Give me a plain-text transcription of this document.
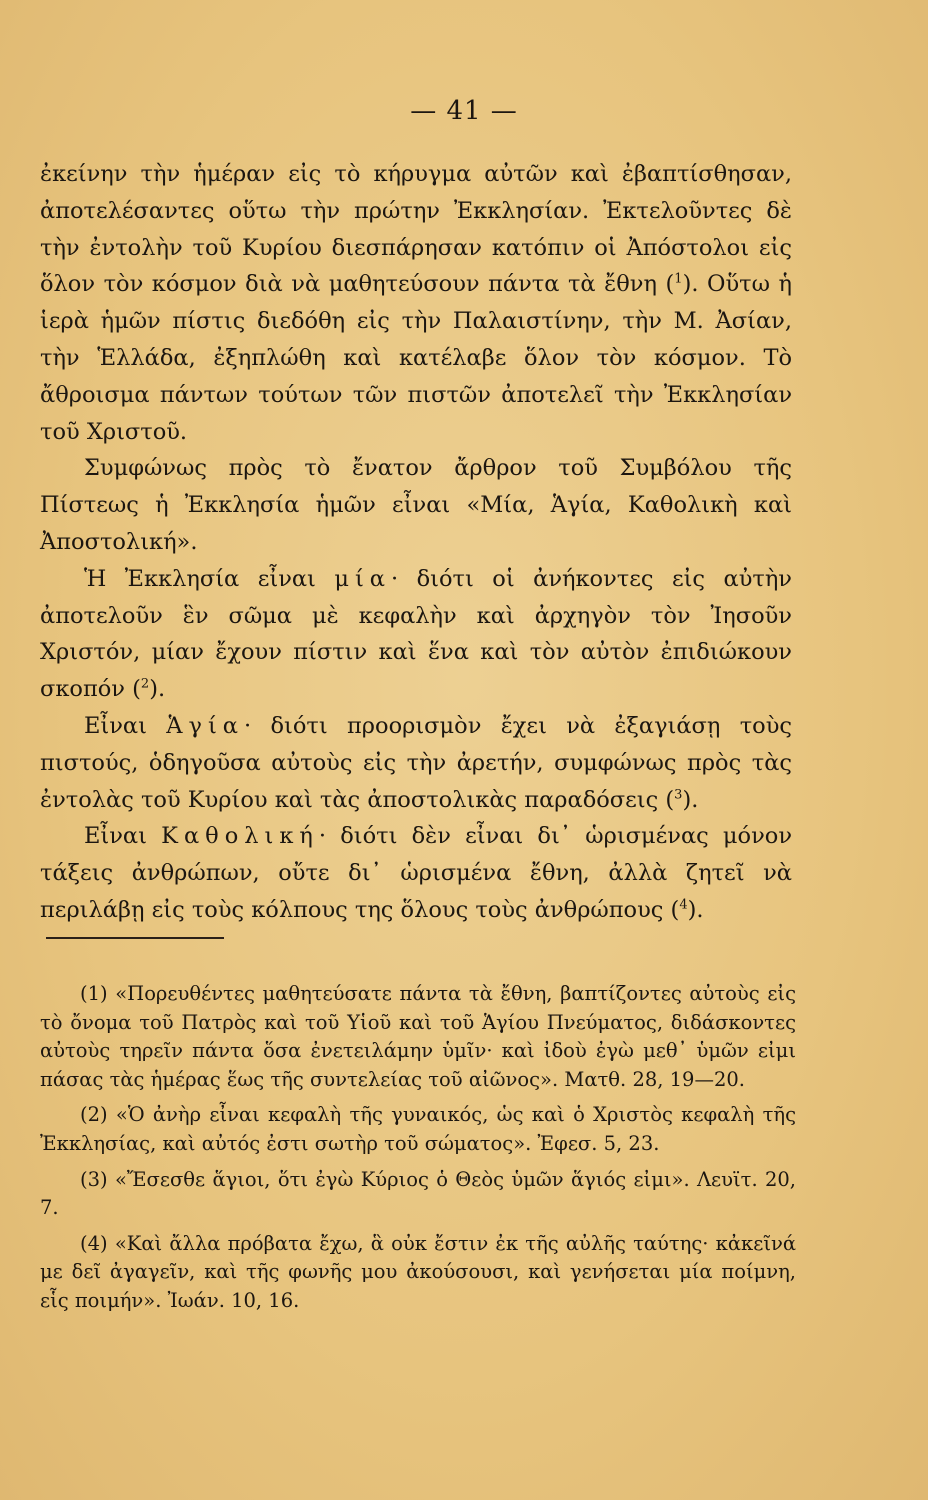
— 41 —

ἐκείνην τὴν ἡμέραν εἰς τὸ κήρυγμα αὐτῶν καὶ ἐβαπτίσθησαν, ἀποτελέσαντες οὕτω τὴν πρώτην Ἐκκλησίαν. Ἐκτελοῦντες δὲ τὴν ἐντολὴν τοῦ Κυρίου διεσπάρησαν κατόπιν οἱ Ἀπόστολοι εἰς ὅλον τὸν κόσμον διὰ νὰ μαθητεύσουν πάντα τὰ ἔθνη ($^1$). Οὕτω ἡ ἱερὰ ἡμῶν πίστις διεδόθη εἰς τὴν Παλαιστίνην, τὴν Μ. Ἀσίαν, τὴν Ἑλλάδα, ἐξηπλώθη καὶ κατέλαβε ὅλον τὸν κόσμον. Τὸ ἄθροισμα πάντων τούτων τῶν πιστῶν ἀποτελεῖ τὴν Ἐκκλησίαν τοῦ Χριστοῦ.

Συμφώνως πρὸς τὸ ἔνατον ἄρθρον τοῦ Συμβόλου τῆς Πίστεως ἡ Ἐκκλησία ἡμῶν εἶναι «Μία, Ἁγία, Καθολικὴ καὶ Ἀποστολική».

Ἡ Ἐκκλησία εἶναι μία· διότι οἱ ἀνήκοντες εἰς αὐτὴν ἀποτελοῦν ἓν σῶμα μὲ κεφαλὴν καὶ ἀρχηγὸν τὸν Ἰησοῦν Χριστόν, μίαν ἔχουν πίστιν καὶ ἕνα καὶ τὸν αὐτὸν ἐπιδιώκουν σκοπόν ($^2$).

Εἶναι Ἁγία· διότι προορισμὸν ἔχει νὰ ἐξαγιάσῃ τοὺς πιστούς, ὁδηγοῦσα αὐτοὺς εἰς τὴν ἀρετήν, συμφώνως πρὸς τὰς ἐντολὰς τοῦ Κυρίου καὶ τὰς ἀποστολικὰς παραδόσεις ($^3$).

Εἶναι Καθολική· διότι δὲν εἶναι δι᾿ ὡρισμένας μόνον τάξεις ἀνθρώπων, οὔτε δι᾿ ὡρισμένα ἔθνη, ἀλλὰ ζητεῖ νὰ περιλάβῃ εἰς τοὺς κόλπους της ὅλους τοὺς ἀνθρώπους ($^4$).

(1) «Πορευθέντες μαθητεύσατε πάντα τὰ ἔθνη, βαπτίζοντες αὐτοὺς εἰς τὸ ὄνομα τοῦ Πατρὸς καὶ τοῦ Υἱοῦ καὶ τοῦ Ἁγίου Πνεύματος, διδάσκοντες αὐτοὺς τηρεῖν πάντα ὅσα ἐνετειλάμην ὑμῖν· καὶ ἰδοὺ ἐγὼ μεθ᾿ ὑμῶν εἰμι πάσας τὰς ἡμέρας ἕως τῆς συντελείας τοῦ αἰῶνος». Ματθ. 28, 19—20.

(2) «Ὁ ἀνὴρ εἶναι κεφαλὴ τῆς γυναικός, ὡς καὶ ὁ Χριστὸς κεφαλὴ τῆς Ἐκκλησίας, καὶ αὐτός ἐστι σωτὴρ τοῦ σώματος». Ἐφεσ. 5, 23.

(3) «Ἔσεσθε ἅγιοι, ὅτι ἐγὼ Κύριος ὁ Θεὸς ὑμῶν ἅγιός εἰμι». Λευϊτ. 20, 7.

(4) «Καὶ ἄλλα πρόβατα ἔχω, ἃ οὐκ ἔστιν ἐκ τῆς αὐλῆς ταύτης· κἀκεῖνά με δεῖ ἀγαγεῖν, καὶ τῆς φωνῆς μου ἀκούσουσι, καὶ γενήσεται μία ποίμνη, εἷς ποιμήν». Ἰωάν. 10, 16.
